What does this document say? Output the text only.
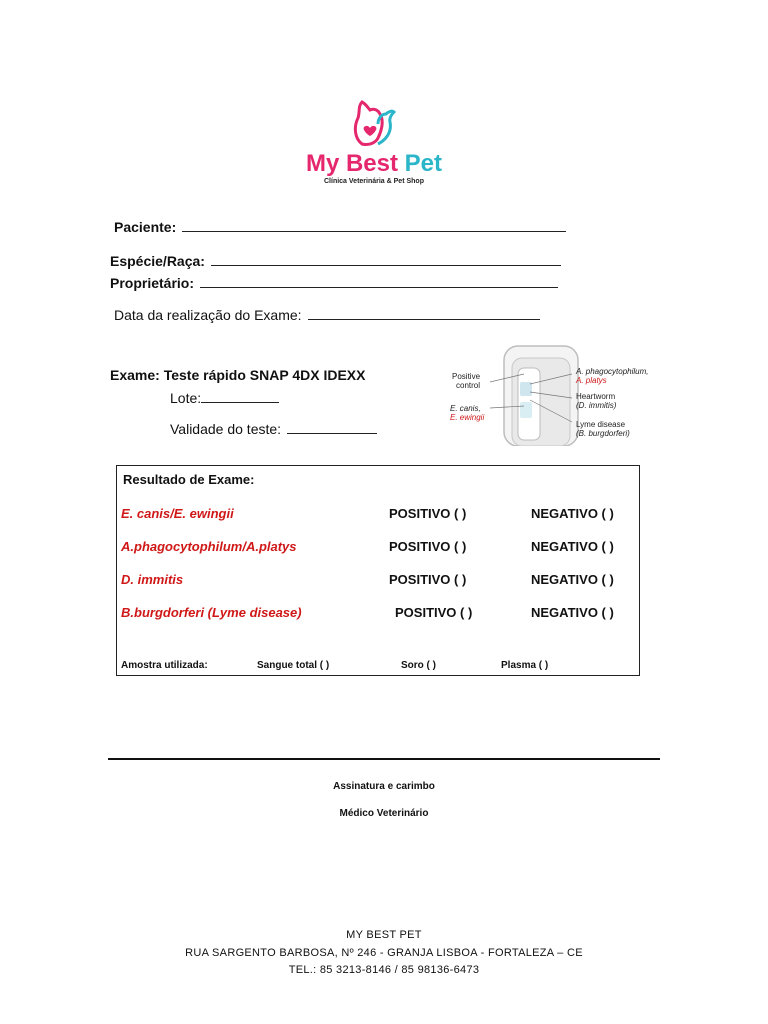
My Best Pet
Clínica Veterinária & Pet Shop
Paciente:
Espécie/Raça:
Proprietário:
Data da realização do Exame:
Exame: Teste rápido SNAP 4DX IDEXX
Lote:
Validade do teste:
Positive
control
E. canis,
E. ewingii
A. phagocytophilum,
A. platys
Heartworm
(D. immitis)
Lyme disease
(B. burgdorferi)
Resultado de Exame:
E. canis/E. ewingii	POSITIVO ( )	NEGATIVO ( )
A.phagocytophilum/A.platys	POSITIVO ( )	NEGATIVO ( )
D. immitis	POSITIVO ( )	NEGATIVO ( )
B.burgdorferi (Lyme disease)	POSITIVO ( )	NEGATIVO ( )
Amostra utilizada:	Sangue total ( )	Soro ( )	Plasma ( )
Assinatura e carimbo
Médico Veterinário
MY BEST PET
RUA SARGENTO BARBOSA, Nº 246 - GRANJA LISBOA - FORTALEZA – CE
TEL.: 85 3213-8146 / 85 98136-6473
